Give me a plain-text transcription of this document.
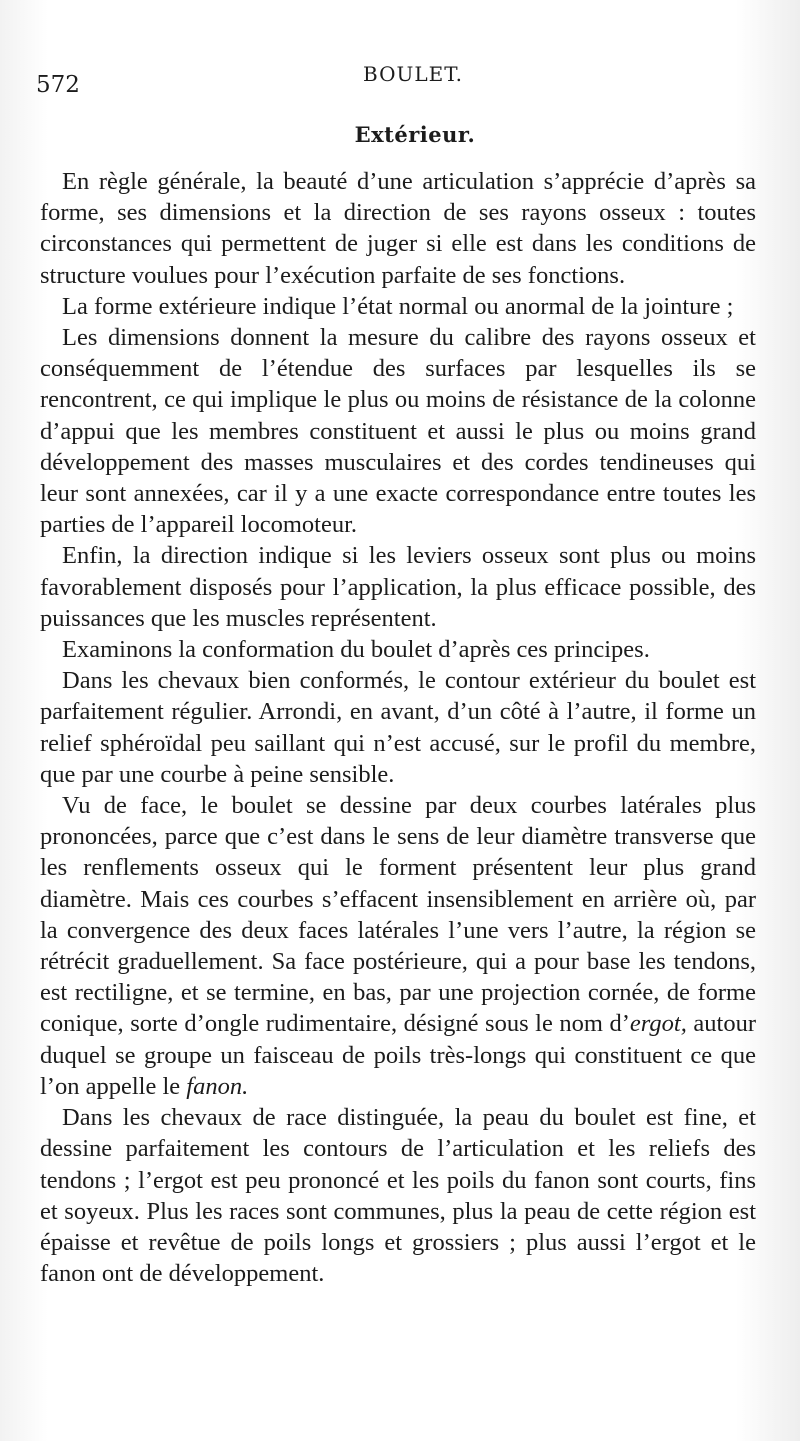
572	BOULET.
Extérieur.

En règle générale, la beauté d’une articulation s’apprécie d’après sa forme, ses dimensions et la direction de ses rayons osseux : toutes circonstances qui permettent de juger si elle est dans les conditions de structure voulues pour l’exécution parfaite de ses fonctions.

La forme extérieure indique l’état normal ou anormal de la jointure ;

Les dimensions donnent la mesure du calibre des rayons osseux et conséquemment de l’étendue des surfaces par lesquelles ils se rencontrent, ce qui implique le plus ou moins de résistance de la colonne d’appui que les membres constituent et aussi le plus ou moins grand développement des masses musculaires et des cordes tendineuses qui leur sont annexées, car il y a une exacte correspondance entre toutes les parties de l’appareil locomoteur.

Enfin, la direction indique si les leviers osseux sont plus ou moins favorablement disposés pour l’application, la plus efficace possible, des puissances que les muscles représentent.

Examinons la conformation du boulet d’après ces principes.

Dans les chevaux bien conformés, le contour extérieur du boulet est parfaitement régulier. Arrondi, en avant, d’un côté à l’autre, il forme un relief sphéroïdal peu saillant qui n’est accusé, sur le profil du membre, que par une courbe à peine sensible.

Vu de face, le boulet se dessine par deux courbes latérales plus prononcées, parce que c’est dans le sens de leur diamètre transverse que les renflements osseux qui le forment présentent leur plus grand diamètre. Mais ces courbes s’effacent insensiblement en arrière où, par la convergence des deux faces latérales l’une vers l’autre, la région se rétrécit graduellement. Sa face postérieure, qui a pour base les tendons, est rectiligne, et se termine, en bas, par une projection cornée, de forme conique, sorte d’ongle rudimentaire, désigné sous le nom d’ergot, autour duquel se groupe un faisceau de poils très-longs qui constituent ce que l’on appelle le fanon.

Dans les chevaux de race distinguée, la peau du boulet est fine, et dessine parfaitement les contours de l’articulation et les reliefs des tendons ; l’ergot est peu prononcé et les poils du fanon sont courts, fins et soyeux. Plus les races sont communes, plus la peau de cette région est épaisse et revêtue de poils longs et grossiers ; plus aussi l’ergot et le fanon ont de développement.
